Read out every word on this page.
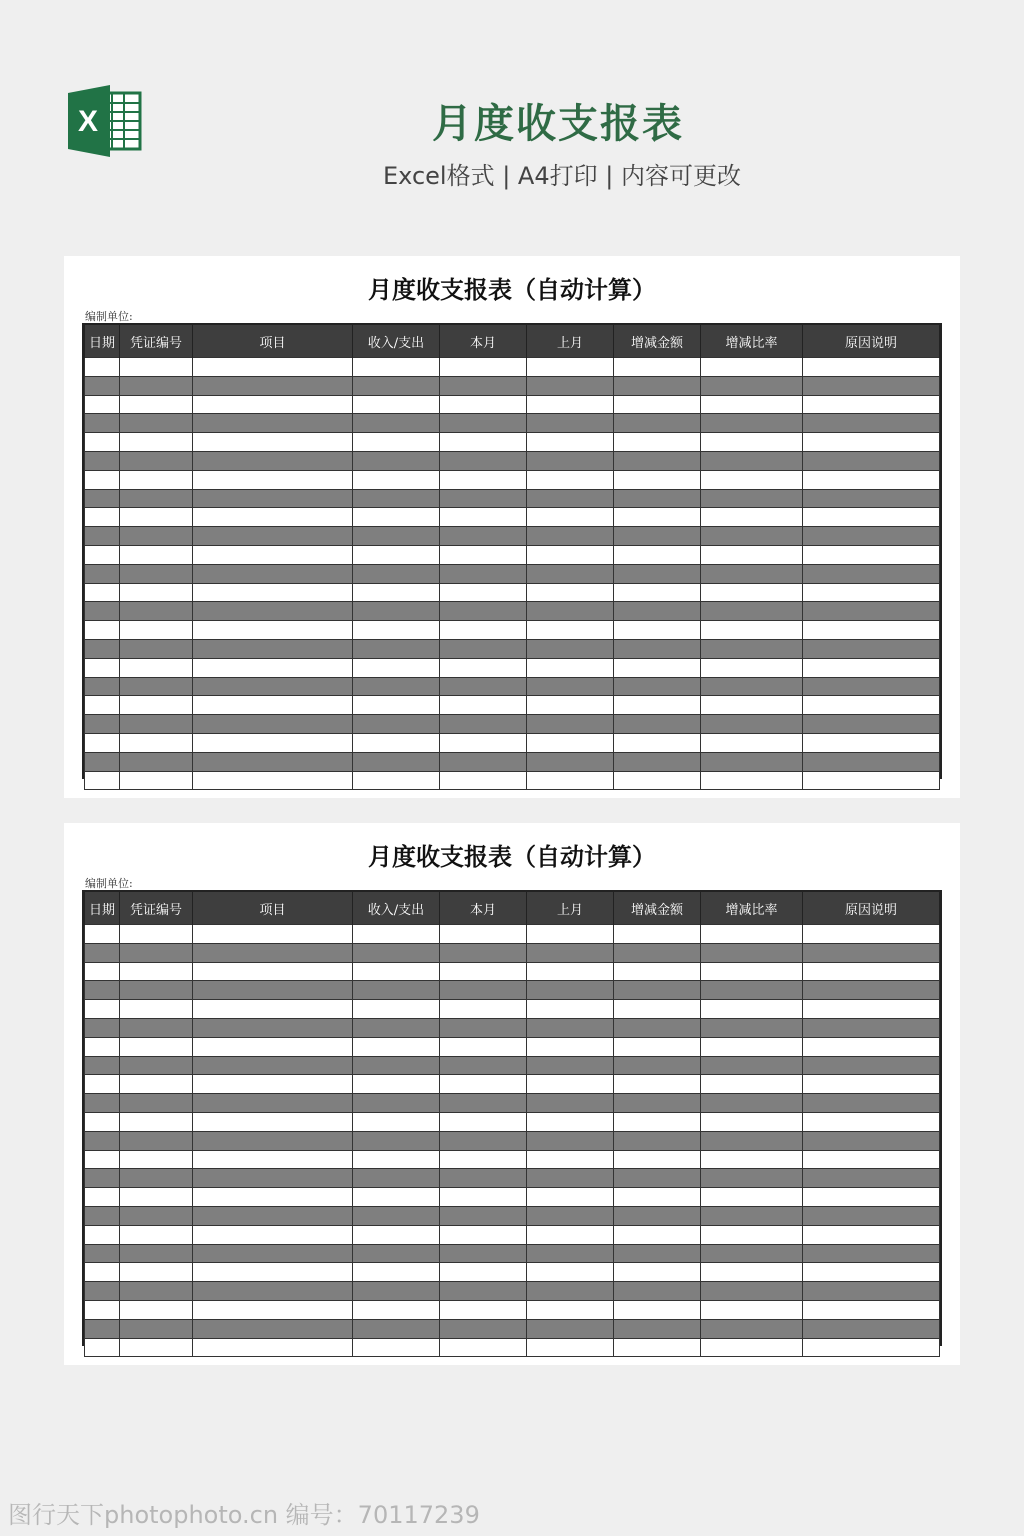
X	月度收支报表
Excel格式 | A4打印 | 内容可更改
月度收支报表（自动计算）
编制单位:
日期	凭证编号	项目	收入/支出	本月	上月	增减金额	增减比率	原因说明

月度收支报表（自动计算）
编制单位:
日期	凭证编号	项目	收入/支出	本月	上月	增减金额	增减比率	原因说明

图行天下photophoto.cn 编号：70117239
